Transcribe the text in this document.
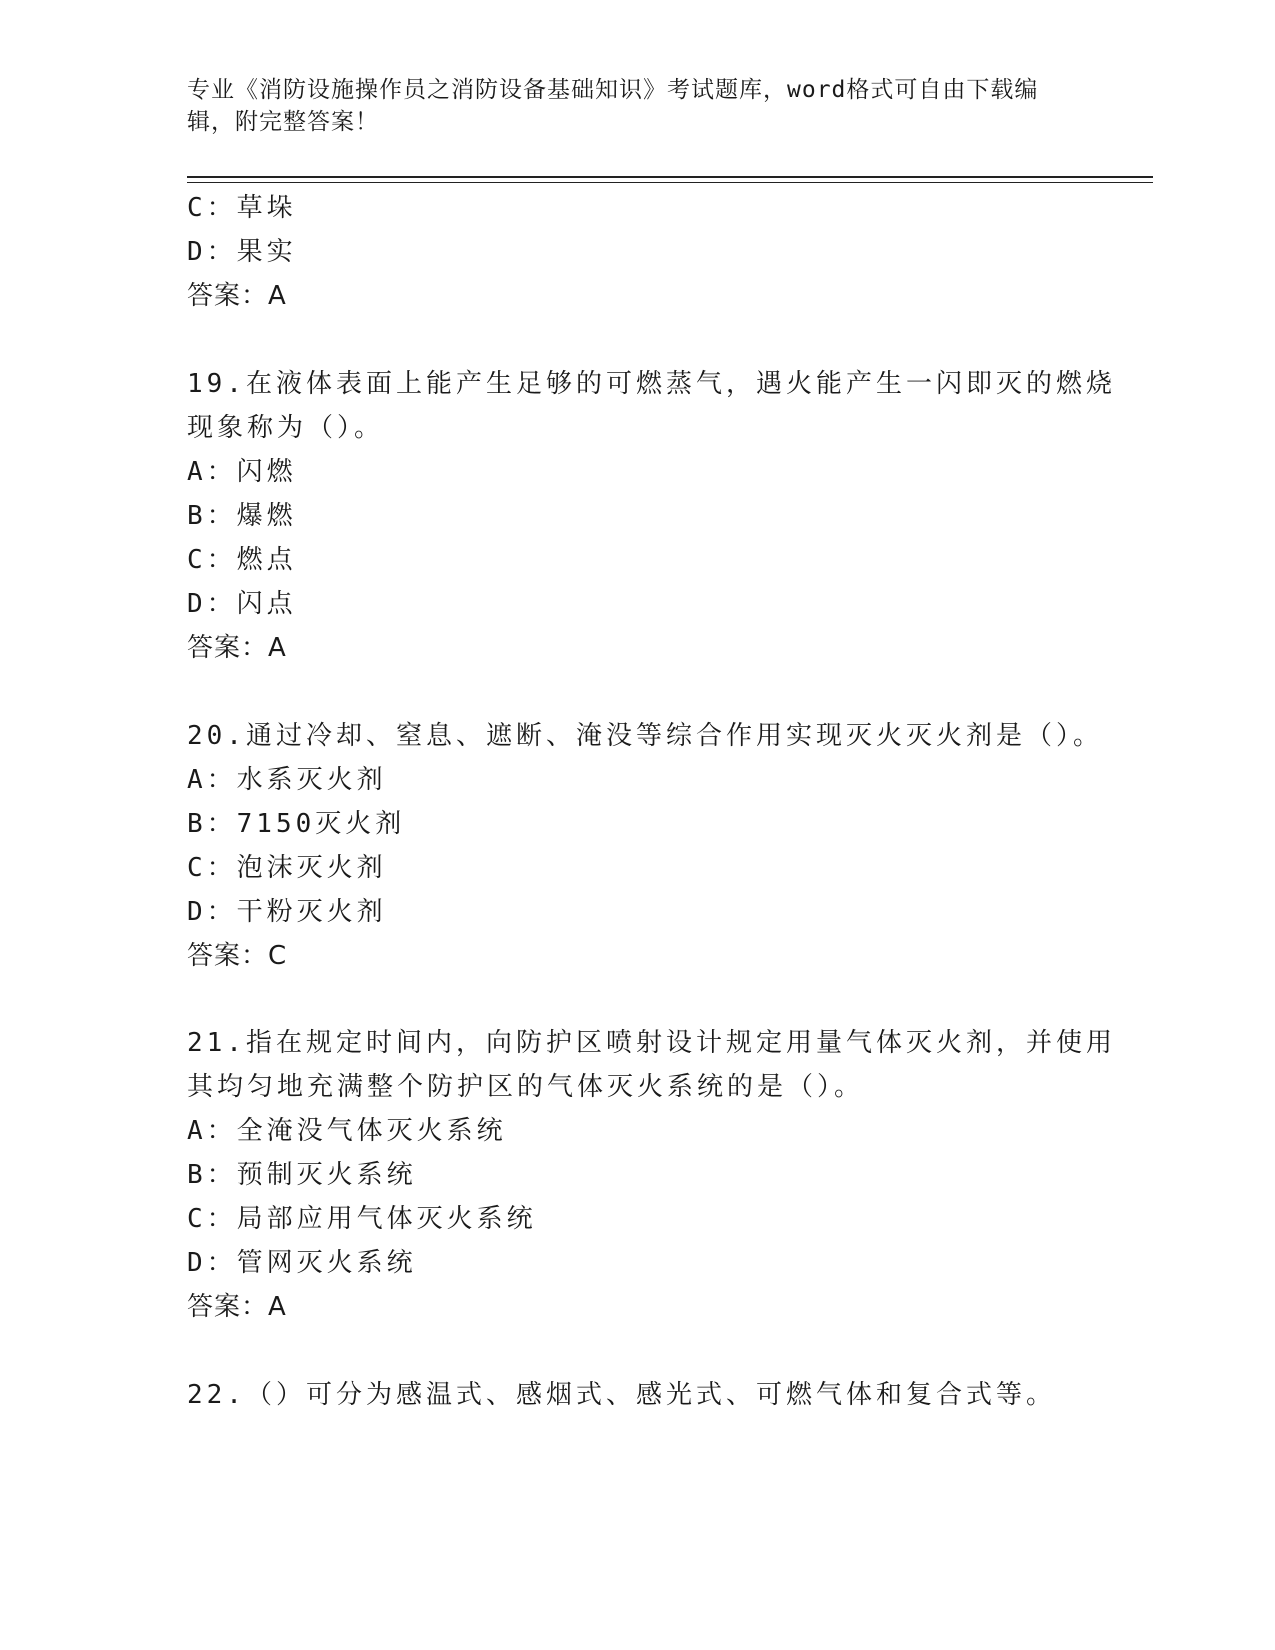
专业《消防设施操作员之消防设备基础知识》考试题库，word格式可自由下载编辑，附完整答案！
C：草垛
D：果实
答案：A
19.在液体表面上能产生足够的可燃蒸气，遇火能产生一闪即灭的燃烧
现象称为（）。
A：闪燃
B：爆燃
C：燃点
D：闪点
答案：A
20.通过冷却、窒息、遮断、淹没等综合作用实现灭火灭火剂是（）。
A：水系灭火剂
B：7150灭火剂
C：泡沫灭火剂
D：干粉灭火剂
答案：C
21.指在规定时间内，向防护区喷射设计规定用量气体灭火剂，并使用
其均匀地充满整个防护区的气体灭火系统的是（）。
A：全淹没气体灭火系统
B：预制灭火系统
C：局部应用气体灭火系统
D：管网灭火系统
答案：A
22.（）可分为感温式、感烟式、感光式、可燃气体和复合式等。
